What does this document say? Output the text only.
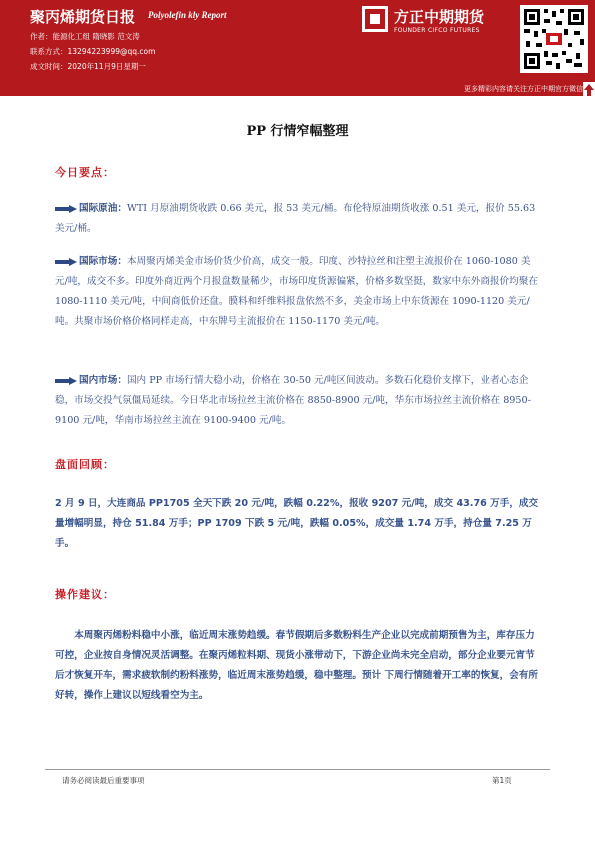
聚丙烯期货日报 Polyolefin kly Report
作者：能源化工组 隋晓影 范文涛
联系方式：13294223999@qq.com
成文时间：2020年11月9日星期一
方正中期期货
FOUNDER CIFCO FUTURES
更多精彩内容请关注方正中期官方微信
PP 行情窄幅整理
今日要点：

国际原油：WTI 月原油期货收跌 0.66 美元，报 53 美元/桶。布伦特原油期货收涨 0.51 美元，报价 55.63 美元/桶。

国际市场：本周聚丙烯美金市场价货少价高，成交一般。印度、沙特拉丝和注塑主流报价在 1060-1080 美元/吨，成交不多。印度外商近两个月报盘数量稀少，市场印度货源偏紧，价格多数坚挺，数家中东外商报价均聚在 1080-1110 美元/吨，中间商低价还盘。膜料和纤维料报盘依然不多，美金市场上中东货源在 1090-1120 美元/吨。共聚市场价格价格同样走高，中东牌号主流报价在 1150-1170 美元/吨。

国内市场：国内 PP 市场行情大稳小动，价格在 30-50 元/吨区间波动。多数石化稳价支撑下，业者心态企稳，市场交投气氛僵局延续。今日华北市场拉丝主流价格在 8850-8900 元/吨，华东市场拉丝主流价格在 8950-9100 元/吨，华南市场拉丝主流在 9100-9400 元/吨。

盘面回顾：

2 月 9 日，大连商品 PP1705 全天下跌 20 元/吨，跌幅 0.22%，报收 9207 元/吨，成交 43.76 万手，成交量增幅明显，持仓 51.84 万手；PP 1709 下跌 5 元/吨，跌幅 0.05%，成交量 1.74 万手，持仓量 7.25 万手。

操作建议：

本周聚丙烯粉料稳中小涨，临近周末涨势趋缓。春节假期后多数粉料生产企业以完成前期预售为主，库存压力可控，企业按自身情况灵活调整。在聚丙烯粒料期、现货小涨带动下，下游企业尚未完全启动，部分企业要元宵节后才恢复开车，需求疲软制约粉料涨势，临近周末涨势趋缓，稳中整理。预计 下周行情随着开工率的恢复，会有所好转，操作上建议以短线看空为主。

请务必阅读最后重要事项	第1页
